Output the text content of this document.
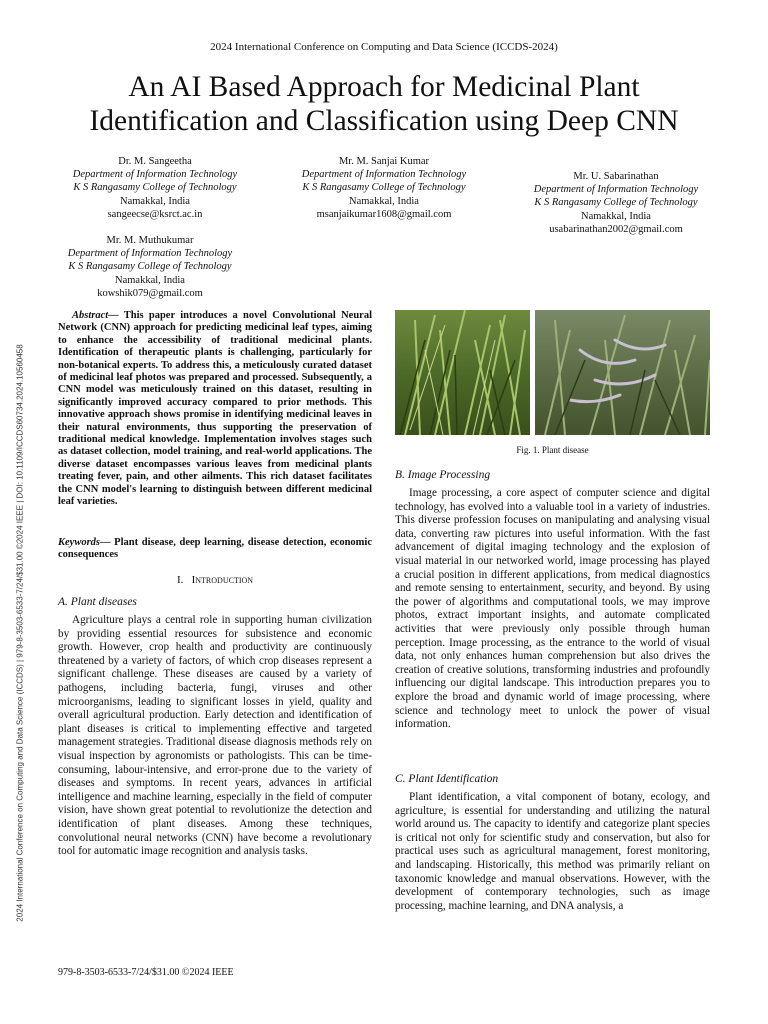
2024 International Conference on Computing and Data Science (ICCDS-2024)
An AI Based Approach for Medicinal Plant
Identification and Classification using Deep CNN
Dr. M. Sangeetha
Department of Information Technology
K S Rangasamy College of Technology
Namakkal, India
sangeecse@ksrct.ac.in
Mr. M. Sanjai Kumar
Department of Information Technology
K S Rangasamy College of Technology
Namakkal, India
msanjaikumar1608@gmail.com
Mr. U. Sabarinathan
Department of Information Technology
K S Rangasamy College of Technology
Namakkal, India
usabarinathan2002@gmail.com
Mr. M. Muthukumar
Department of Information Technology
K S Rangasamy College of Technology
Namakkal, India
kowshik079@gmail.com
2024 International Conference on Computing and Data Science (ICCDS) | 979-8-3503-6533-7/24/$31.00 ©2024 IEEE | DOI: 10.1109/ICCDS60734.2024.10560458
Abstract— This paper introduces a novel Convolutional Neural Network (CNN) approach for predicting medicinal leaf types, aiming to enhance the accessibility of traditional medicinal plants. Identification of therapeutic plants is challenging, particularly for non-botanical experts. To address this, a meticulously curated dataset of medicinal leaf photos was prepared and processed. Subsequently, a CNN model was meticulously trained on this dataset, resulting in significantly improved accuracy compared to prior methods. This innovative approach shows promise in identifying medicinal leaves in their natural environments, thus supporting the preservation of traditional medical knowledge. Implementation involves stages such as dataset collection, model training, and real-world applications. The diverse dataset encompasses various leaves from medicinal plants treating fever, pain, and other ailments. This rich dataset facilitates the CNN model's learning to distinguish between different medicinal leaf varieties.
Keywords— Plant disease, deep learning, disease detection, economic consequences
I. Introduction
A. Plant diseases

Agriculture plays a central role in supporting human civilization by providing essential resources for subsistence and economic growth. However, crop health and productivity are continuously threatened by a variety of factors, of which crop diseases represent a significant challenge. These diseases are caused by a variety of pathogens, including bacteria, fungi, viruses and other microorganisms, leading to significant losses in yield, quality and overall agricultural production. Early detection and identification of plant diseases is critical to implementing effective and targeted management strategies. Traditional disease diagnosis methods rely on visual inspection by agronomists or pathologists. This can be time-consuming, labour-intensive, and error-prone due to the variety of diseases and symptoms. In recent years, advances in artificial intelligence and machine learning, especially in the field of computer vision, have shown great potential to revolutionize the detection and identification of plant diseases. Among these techniques, convolutional neural networks (CNN) have become a revolutionary tool for automatic image recognition and analysis tasks.

Fig. 1. Plant disease
B. Image Processing

Image processing, a core aspect of computer science and digital technology, has evolved into a valuable tool in a variety of industries. This diverse profession focuses on manipulating and analysing visual data, converting raw pictures into useful information. With the fast advancement of digital imaging technology and the explosion of visual material in our networked world, image processing has played a crucial position in different applications, from medical diagnostics and remote sensing to entertainment, security, and beyond. By using the power of algorithms and computational tools, we may improve photos, extract important insights, and automate complicated activities that were previously only possible through human perception. Image processing, as the entrance to the world of visual data, not only enhances human comprehension but also drives the creation of creative solutions, transforming industries and profoundly influencing our digital landscape. This introduction prepares you to explore the broad and dynamic world of image processing, where science and technology meet to unlock the power of visual information.

C. Plant Identification

Plant identification, a vital component of botany, ecology, and agriculture, is essential for understanding and utilizing the natural world around us. The capacity to identify and categorize plant species is critical not only for scientific study and conservation, but also for practical uses such as agricultural management, forest monitoring, and landscaping. Historically, this method was primarily reliant on taxonomic knowledge and manual observations. However, with the development of contemporary technologies, such as image processing, machine learning, and DNA analysis, a

979-8-3503-6533-7/24/$31.00 ©2024 IEEE
